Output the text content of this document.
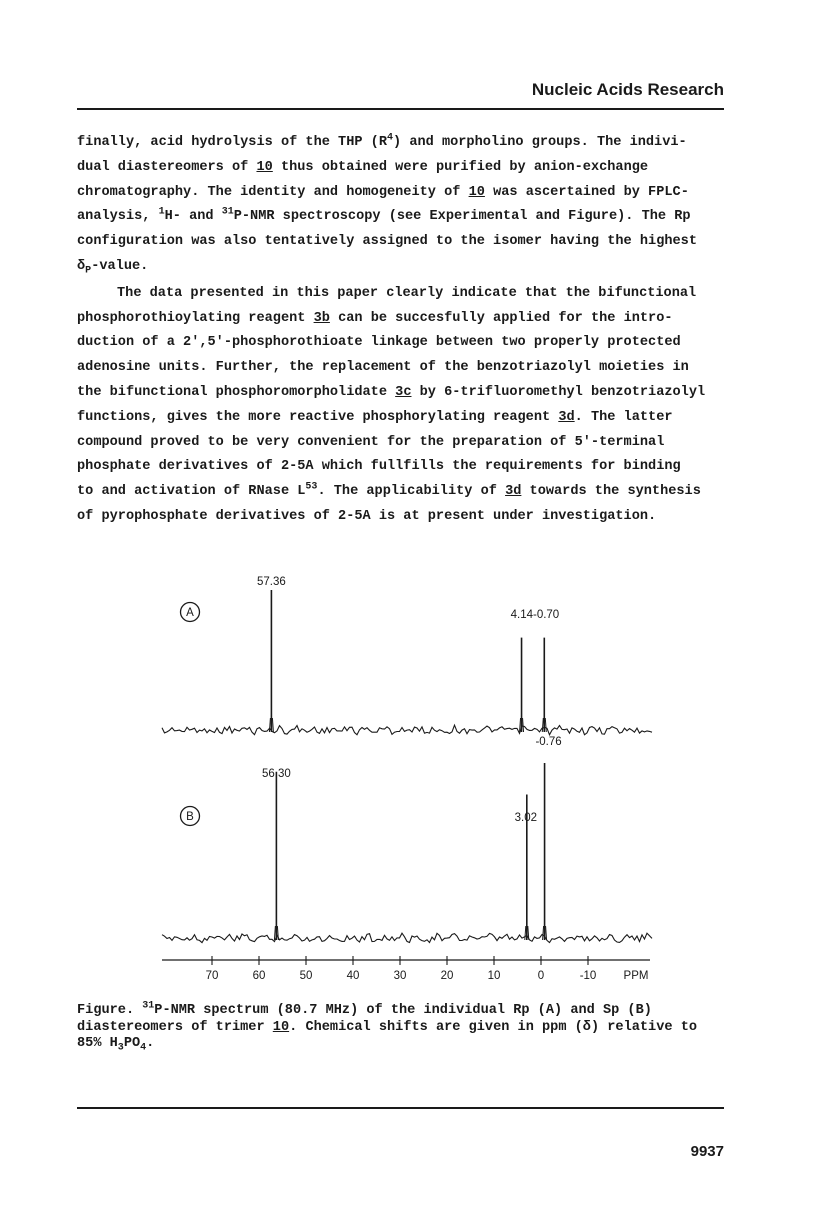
Nucleic Acids Research

finally, acid hydrolysis of the THP $(R^4)$ and morpholino groups. The indivi-
dual diastereomers of 10 thus obtained were purified by anion-exchange
chromatography. The identity and homogeneity of 10 was ascertained by FPLC-
analysis, $^1$H- and $^{31}$P-NMR spectroscopy (see Experimental and Figure). The Rp
configuration was also tentatively assigned to the isomer having the highest
$\delta_P$-value.

The data presented in this paper clearly indicate that the bifunctional
phosphorothioylating reagent 3b can be succesfully applied for the intro-
duction of a 2',5'-phosphorothioate linkage between two properly protected
adenosine units. Further, the replacement of the benzotriazolyl moieties in
the bifunctional phosphoromorpholidate 3c by 6-trifluoromethyl benzotriazolyl
functions, gives the more reactive phosphorylating reagent 3d. The latter
compound proved to be very convenient for the preparation of 5'-terminal
phosphate derivatives of 2-5A which fullfills the requirements for binding
to and activation of RNase $L^{53}$. The applicability of 3d towards the synthesis
of pyrophosphate derivatives of 2-5A is at present under investigation.

A
B
57.36
4.14-0.70
56.30
3.02
-0.76
70	60	50	40	30	20	10	0	-10 PPM

Figure. $^{31}$P-NMR spectrum (80.7 MHz) of the individual Rp (A) and Sp (B)
diastereomers of trimer 10. Chemical shifts are given in ppm (δ) relative to
85% $H_3PO_4$.

9937
